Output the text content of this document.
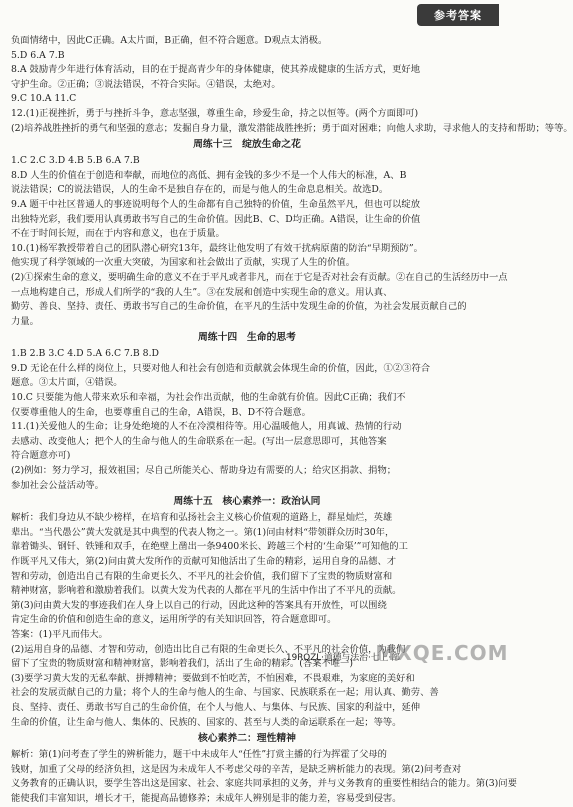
参考答案
负面情绪中，因此C正确。A太片面，B正确，但不符合题意。D观点太消极。
5.D 6.A 7.B
8.A 鼓励青少年进行体育活动，目的在于提高青少年的身体健康，使其养成健康的生活方式，更好地
守护生命。②正确；③说法错误，不符合实际。④错误，太绝对。
9.C 10.A 11.C
12.(1)正视挫折，勇于与挫折斗争，意志坚强，尊重生命，珍爱生命，持之以恒等。(两个方面即可)
(2)培养战胜挫折的勇气和坚强的意志；发掘自身力量，激发潜能战胜挫折；勇于面对困难；向他人求助，寻求他人的支持和帮助；等等。
周练十三　绽放生命之花
1.C 2.C 3.D 4.B 5.B 6.A 7.B
8.D 人生的价值在于创造和奉献，而地位的高低、拥有金钱的多少不是一个人伟大的标准，A、B
说法错误；C的说法错误，人的生命不是独自存在的，而是与他人的生命息息相关。故选D。
9.A 题干中社区普通人的事迹说明每个人的生命都有自己独特的价值，生命虽然平凡，但也可以绽放
出独特光彩，我们要用认真勇敢书写自己的生命价值。因此B、C、D均正确。A错误，让生命的价值
不在于时间长短，而在于内容和意义，也在于质量。
10.(1)杨军教授带着自己的团队潜心研究13年，最终让他发明了有效干扰病原菌的防治“早期预防”。
他实现了科学领域的一次重大突破，为国家和社会做出了贡献，实现了人生的价值。
(2)①探索生命的意义，要明确生命的意义不在于平凡或者非凡，而在于它是否对社会有贡献。②在自己的生活经历中一点
一点地构建自己，形成人们所学的“我的人生”。③在发展和创造中实现生命的意义。用认真、
勤劳、善良、坚持、责任、勇敢书写自己的生命价值，在平凡的生活中发现生命的价值，为社会发展贡献自己的
力量。
周练十四　生命的思考
1.B 2.B 3.C 4.D 5.A 6.C 7.B 8.D
9.D 无论在什么样的岗位上，只要对他人和社会有创造和贡献就会体现生命的价值，因此，①②③符合
题意。③太片面，④错误。
10.C 只要能为他人带来欢乐和幸福，为社会作出贡献，他的生命就有价值。因此C正确；我们不
仅要尊重他人的生命，也要尊重自己的生命，A错误，B、D不符合题意。
11.(1)关爱他人的生命；让身处绝境的人不在冷漠相待等。用心温暖他人，用真诚、热情的行动
去感动、改变他人；把个人的生命与他人的生命联系在一起。(写出一层意思即可，其他答案
符合题意亦可)
(2)例如：努力学习，报效祖国；尽自己所能关心、帮助身边有需要的人；给灾区捐款、捐物；
参加社会公益活动等。
周练十五　核心素养一：政治认同
解析：我们身边从不缺少榜样，在培育和弘扬社会主义核心价值观的道路上，群星灿烂，英雄
辈出。“当代愚公”黄大发就是其中典型的代表人物之一。第(1)问由材料“带领群众历时30年，
靠着锄头、钢钎、铁锤和双手，在绝壁上凿出一条9400米长、跨越三个村的‘生命渠’”可知他的工
作既平凡又伟大，第(2)问由黄大发所作的贡献可知他活出了生命的精彩，运用自身的品德、才
智和劳动，创造出自己有限的生命更长久、不平凡的社会价值，我们留下了宝贵的物质财富和
精神财富，影响着和激励着我们。以黄大发为代表的人都在平凡的生活中作出了不平凡的贡献。
第(3)问由黄大发的事迹我们在人身上以自己的行动，因此这种的答案具有开放性，可以围绕
肯定生命的价值和创造生命的意义，运用所学的有关知识回答，符合题意即可。
答案：(1)平凡而伟大。
(2)运用自身的品德、才智和劳动，创造出比自己有限的生命更长久、不平凡的社会价值，为我们
留下了宝贵的物质财富和精神财富，影响着我们，活出了生命的精彩。(答案不唯一)
(3)要学习黄大发的无私奉献、拼搏精神；要做到不怕吃苦，不怕困难，不畏艰难，为家庭的美好和
社会的发展贡献自己的力量；将个人的生命与他人的生命、与国家、民族联系在一起；用认真、勤劳、善
良、坚持、责任、勇敢书写自己的生命价值，在个人与他人、与集体、与民族、国家的利益中，延伸
生命的价值，让生命与他人、集体的、民族的、国家的、甚至与人类的命运联系在一起；等等。
核心素养二：理性精神
解析：第(1)问考查了学生的辨析能力，题干中未成年人“任性”打赏主播的行为挥霍了父母的
钱财，加重了父母的经济负担，这是因为未成年人不考虑父母的辛苦，是缺乏辨析能力的表现。第(2)问考查对
义务教育的正确认识，要学生答出这是国家、社会、家庭共同承担的义务，并与义务教育的重要性相结合的能力。第(3)问要
能使我们丰富知识，增长才干，能提高品德修养；未成年人辨别是非的能力差，容易受到侵害。
19RQZL·道德与法治·七上·部
MXQE.COM
